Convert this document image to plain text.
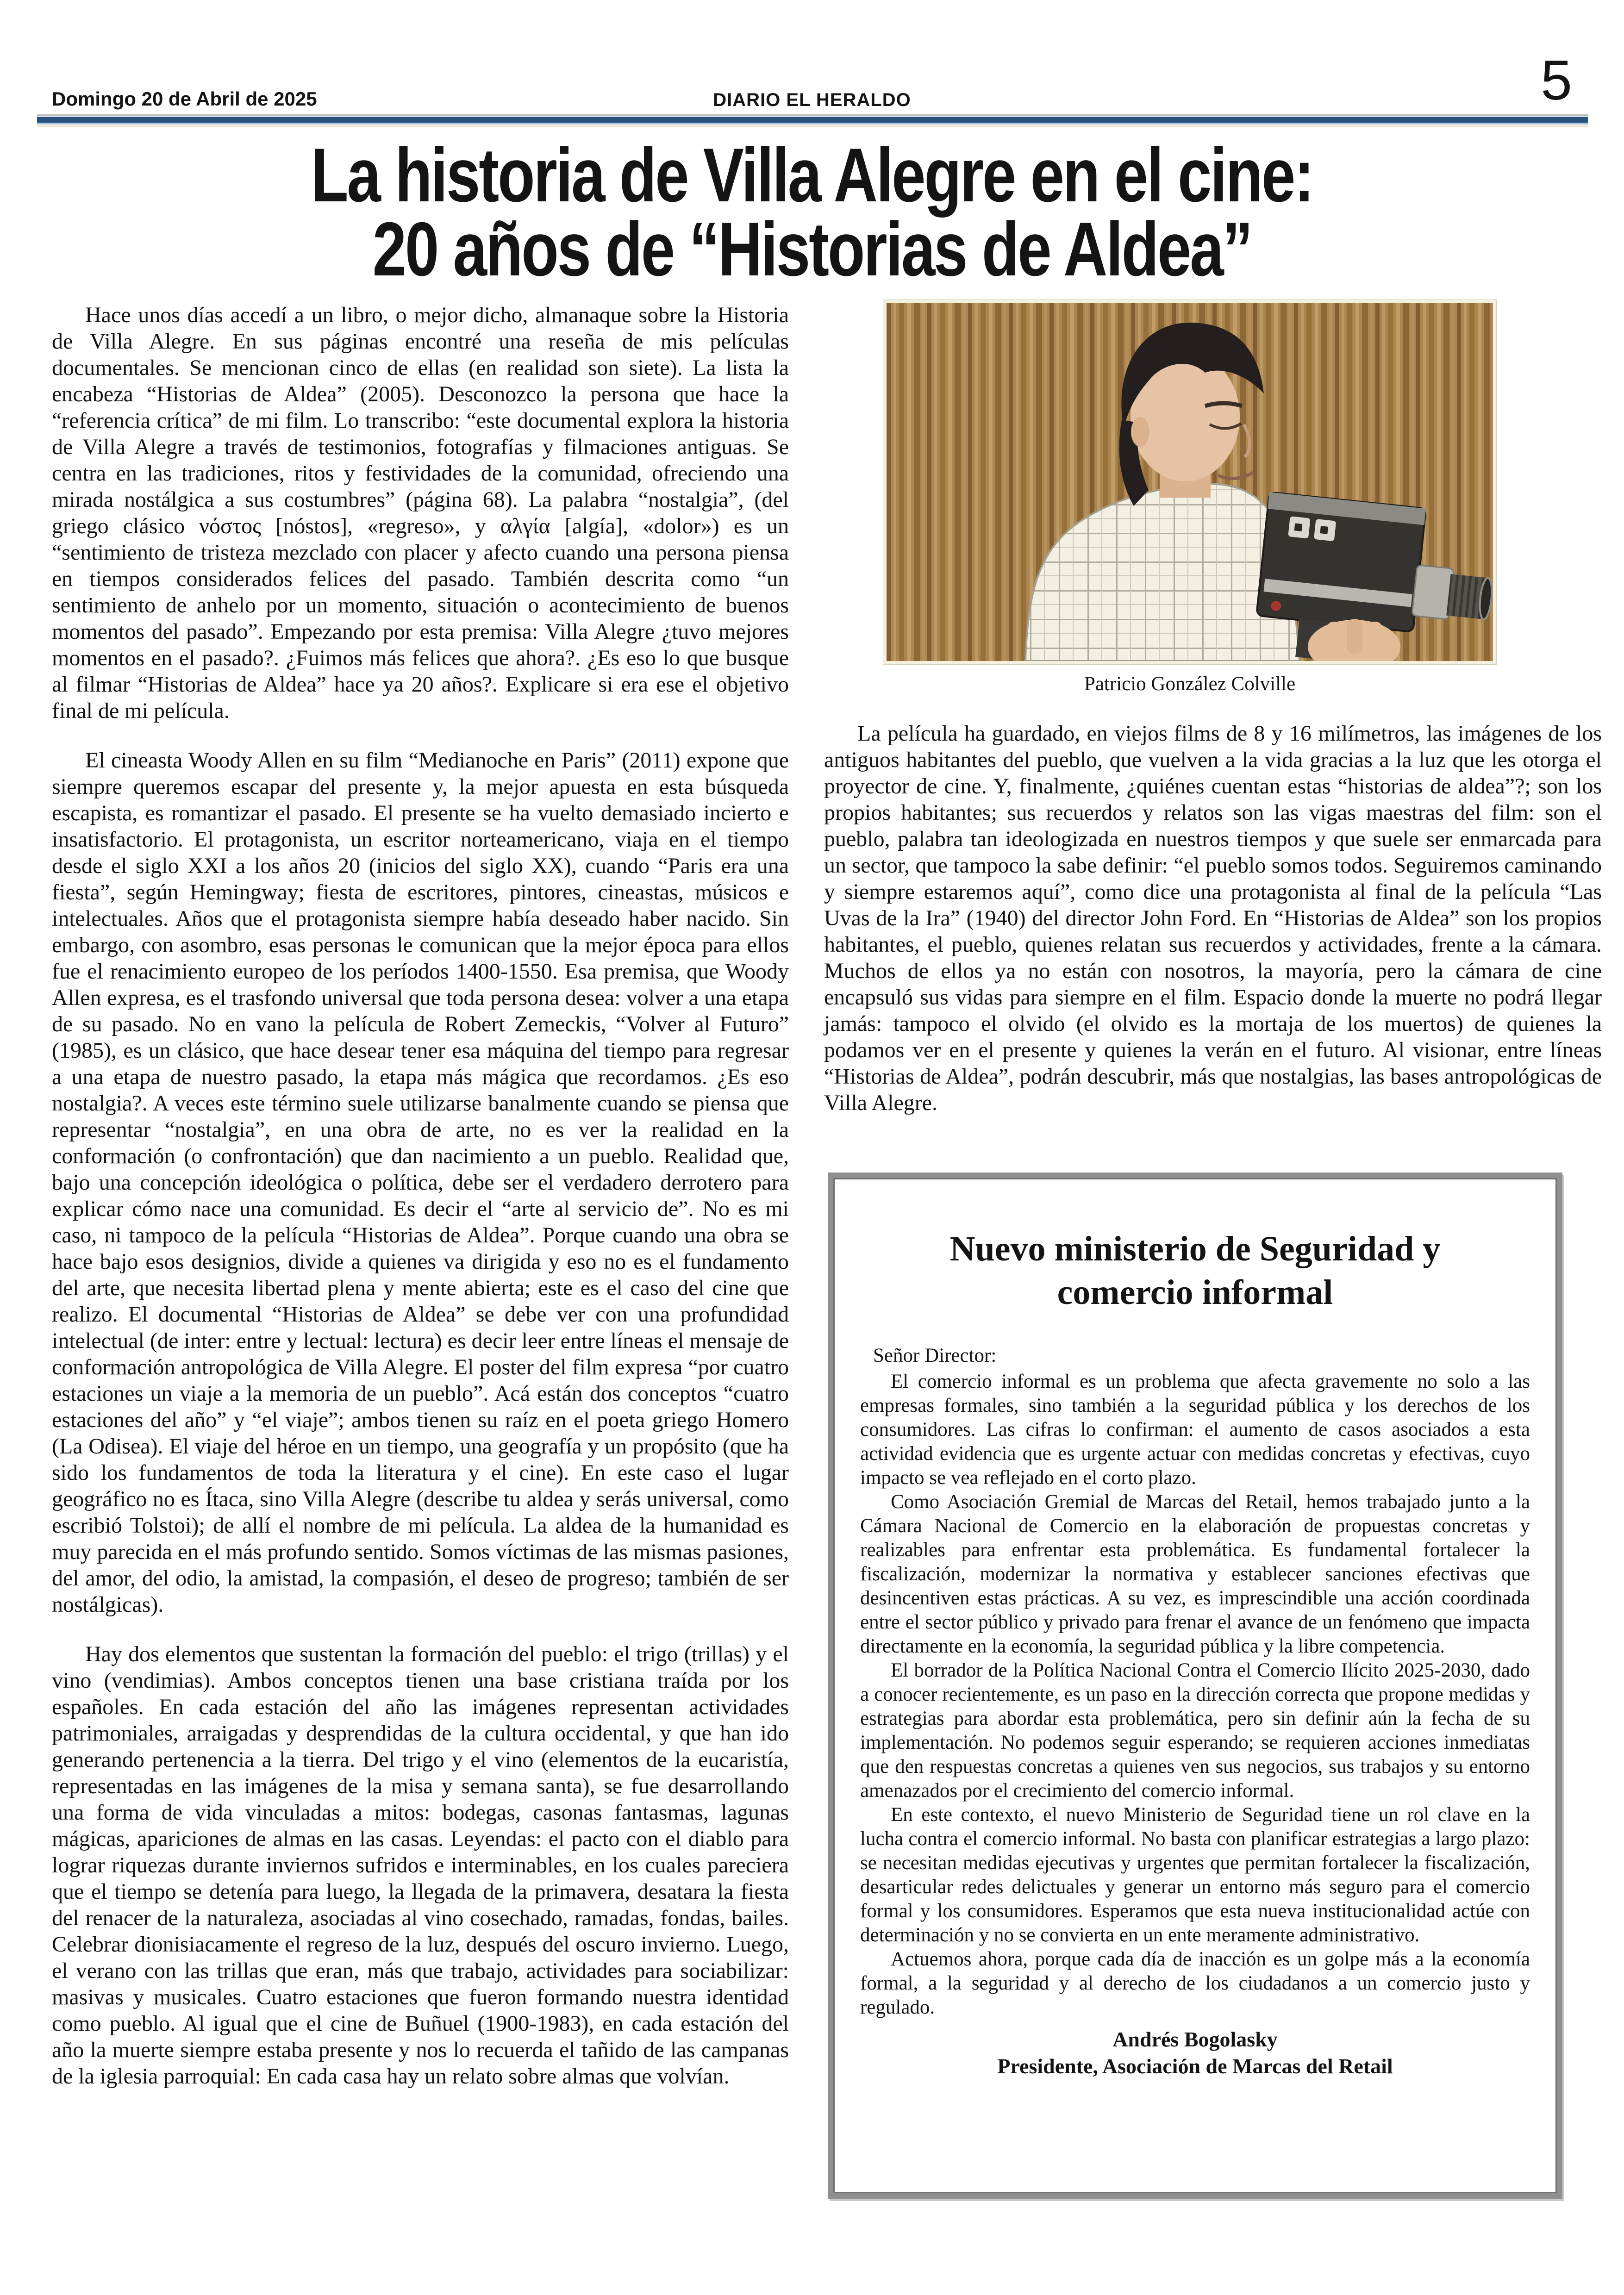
Domingo 20 de Abril de 2025	DIARIO EL HERALDO	5
La historia de Villa Alegre en el cine:
20 años de “Historias de Aldea”

Hace unos días accedí a un libro, o mejor dicho, almanaque sobre la Historia de Villa Alegre. En sus páginas encontré una reseña de mis películas documentales. Se mencionan cinco de ellas (en realidad son siete). La lista la encabeza “Historias de Aldea” (2005). Desconozco la persona que hace la “referencia crítica” de mi film. Lo transcribo: “este documental explora la historia de Villa Alegre a través de testimonios, fotografías y filmaciones antiguas. Se centra en las tradiciones, ritos y festividades de la comunidad, ofreciendo una mirada nostálgica a sus costumbres” (página 68). La palabra “nostalgia”, (del griego clásico νόστος [nóstos], «regreso», y αλγία [algía], «dolor») es un “sentimiento de tristeza mezclado con placer y afecto cuando una persona piensa en tiempos considerados felices del pasado. También descrita como “un sentimiento de anhelo por un momento, situación o acontecimiento de buenos momentos del pasado”. Empezando por esta premisa: Villa Alegre ¿tuvo mejores momentos en el pasado?. ¿Fuimos más felices que ahora?. ¿Es eso lo que busque al filmar “Historias de Aldea” hace ya 20 años?. Explicare si era ese el objetivo final de mi película.

El cineasta Woody Allen en su film “Medianoche en Paris” (2011) expone que siempre queremos escapar del presente y, la mejor apuesta en esta búsqueda escapista, es romantizar el pasado. El presente se ha vuelto demasiado incierto e insatisfactorio. El protagonista, un escritor norteamericano, viaja en el tiempo desde el siglo XXI a los años 20 (inicios del siglo XX), cuando “Paris era una fiesta”, según Hemingway; fiesta de escritores, pintores, cineastas, músicos e intelectuales. Años que el protagonista siempre había deseado haber nacido. Sin embargo, con asombro, esas personas le comunican que la mejor época para ellos fue el renacimiento europeo de los períodos 1400-1550. Esa premisa, que Woody Allen expresa, es el trasfondo universal que toda persona desea: volver a una etapa de su pasado. No en vano la película de Robert Zemeckis, “Volver al Futuro” (1985), es un clásico, que hace desear tener esa máquina del tiempo para regresar a una etapa de nuestro pasado, la etapa más mágica que recordamos. ¿Es eso nostalgia?. A veces este término suele utilizarse banalmente cuando se piensa que representar “nostalgia”, en una obra de arte, no es ver la realidad en la conformación (o confrontación) que dan nacimiento a un pueblo. Realidad que, bajo una concepción ideológica o política, debe ser el verdadero derrotero para explicar cómo nace una comunidad. Es decir el “arte al servicio de”. No es mi caso, ni tampoco de la película “Historias de Aldea”. Porque cuando una obra se hace bajo esos designios, divide a quienes va dirigida y eso no es el fundamento del arte, que necesita libertad plena y mente abierta; este es el caso del cine que realizo. El documental “Historias de Aldea” se debe ver con una profundidad intelectual (de inter: entre y lectual: lectura) es decir leer entre líneas el mensaje de conformación antropológica de Villa Alegre. El poster del film expresa “por cuatro estaciones un viaje a la memoria de un pueblo”. Acá están dos conceptos “cuatro estaciones del año” y “el viaje”; ambos tienen su raíz en el poeta griego Homero (La Odisea). El viaje del héroe en un tiempo, una geografía y un propósito (que ha sido los fundamentos de toda la literatura y el cine). En este caso el lugar geográfico no es Ítaca, sino Villa Alegre (describe tu aldea y serás universal, como escribió Tolstoi); de allí el nombre de mi película. La aldea de la humanidad es muy parecida en el más profundo sentido. Somos víctimas de las mismas pasiones, del amor, del odio, la amistad, la compasión, el deseo de progreso; también de ser nostálgicas).

Hay dos elementos que sustentan la formación del pueblo: el trigo (trillas) y el vino (vendimias). Ambos conceptos tienen una base cristiana traída por los españoles. En cada estación del año las imágenes representan actividades patrimoniales, arraigadas y desprendidas de la cultura occidental, y que han ido generando pertenencia a la tierra. Del trigo y el vino (elementos de la eucaristía, representadas en las imágenes de la misa y semana santa), se fue desarrollando una forma de vida vinculadas a mitos: bodegas, casonas fantasmas, lagunas mágicas, apariciones de almas en las casas. Leyendas: el pacto con el diablo para lograr riquezas durante inviernos sufridos e interminables, en los cuales pareciera que el tiempo se detenía para luego, la llegada de la primavera, desatara la fiesta del renacer de la naturaleza, asociadas al vino cosechado, ramadas, fondas, bailes. Celebrar dionisiacamente el regreso de la luz, después del oscuro invierno. Luego, el verano con las trillas que eran, más que trabajo, actividades para sociabilizar: masivas y musicales. Cuatro estaciones que fueron formando nuestra identidad como pueblo. Al igual que el cine de Buñuel (1900-1983), en cada estación del año la muerte siempre estaba presente y nos lo recuerda el tañido de las campanas de la iglesia parroquial: En cada casa hay un relato sobre almas que volvían.

Patricio González Colville

La película ha guardado, en viejos films de 8 y 16 milímetros, las imágenes de los antiguos habitantes del pueblo, que vuelven a la vida gracias a la luz que les otorga el proyector de cine. Y, finalmente, ¿quiénes cuentan estas “historias de aldea”?; son los propios habitantes; sus recuerdos y relatos son las vigas maestras del film: son el pueblo, palabra tan ideologizada en nuestros tiempos y que suele ser enmarcada para un sector, que tampoco la sabe definir: “el pueblo somos todos. Seguiremos caminando y siempre estaremos aquí”, como dice una protagonista al final de la película “Las Uvas de la Ira” (1940) del director John Ford. En “Historias de Aldea” son los propios habitantes, el pueblo, quienes relatan sus recuerdos y actividades, frente a la cámara. Muchos de ellos ya no están con nosotros, la mayoría, pero la cámara de cine encapsuló sus vidas para siempre en el film. Espacio donde la muerte no podrá llegar jamás: tampoco el olvido (el olvido es la mortaja de los muertos) de quienes la podamos ver en el presente y quienes la verán en el futuro. Al visionar, entre líneas “Historias de Aldea”, podrán descubrir, más que nostalgias, las bases antropológicas de Villa Alegre.

Nuevo ministerio de Seguridad y
comercio informal
Señor Director:

El comercio informal es un problema que afecta gravemente no solo a las empresas formales, sino también a la seguridad pública y los derechos de los consumidores. Las cifras lo confirman: el aumento de casos asociados a esta actividad evidencia que es urgente actuar con medidas concretas y efectivas, cuyo impacto se vea reflejado en el corto plazo.

Como Asociación Gremial de Marcas del Retail, hemos trabajado junto a la Cámara Nacional de Comercio en la elaboración de propuestas concretas y realizables para enfrentar esta problemática. Es fundamental fortalecer la fiscalización, modernizar la normativa y establecer sanciones efectivas que desincentiven estas prácticas. A su vez, es imprescindible una acción coordinada entre el sector público y privado para frenar el avance de un fenómeno que impacta directamente en la economía, la seguridad pública y la libre competencia.

El borrador de la Política Nacional Contra el Comercio Ilícito 2025-2030, dado a conocer recientemente, es un paso en la dirección correcta que propone medidas y estrategias para abordar esta problemática, pero sin definir aún la fecha de su implementación. No podemos seguir esperando; se requieren acciones inmediatas que den respuestas concretas a quienes ven sus negocios, sus trabajos y su entorno amenazados por el crecimiento del comercio informal.

En este contexto, el nuevo Ministerio de Seguridad tiene un rol clave en la lucha contra el comercio informal. No basta con planificar estrategias a largo plazo: se necesitan medidas ejecutivas y urgentes que permitan fortalecer la fiscalización, desarticular redes delictuales y generar un entorno más seguro para el comercio formal y los consumidores. Esperamos que esta nueva institucionalidad actúe con determinación y no se convierta en un ente meramente administrativo.

Actuemos ahora, porque cada día de inacción es un golpe más a la economía formal, a la seguridad y al derecho de los ciudadanos a un comercio justo y regulado.

Andrés Bogolasky
Presidente, Asociación de Marcas del Retail
